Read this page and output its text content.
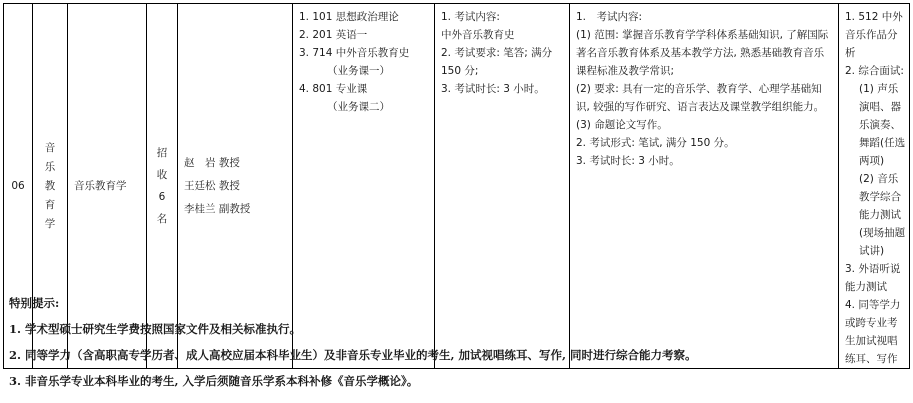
06	音乐教育学	音乐教育学	招收6名	
赵　岩 教授
王廷松 教授
李桂兰 副教授

1. 101 思想政治理论
2. 201 英语一
3. 714 中外音乐教育史
（业务课一）
4. 801 专业课
（业务课二）

1. 考试内容:
中外音乐教育史
2. 考试要求: 笔答; 满分 150 分;
3. 考试时长: 3 小时。

1.　考试内容:
(1) 范围: 掌握音乐教育学学科体系基础知识, 了解国际著名音乐教育体系及基本教学方法, 熟悉基础教育音乐课程标准及教学常识;
(2) 要求: 具有一定的音乐学、教育学、心理学基础知识, 较强的写作研究、语言表达及课堂教学组织能力。
(3) 命题论文写作。
2. 考试形式: 笔试, 满分 150 分。
3. 考试时长: 3 小时。

1. 512 中外音乐作品分析
2. 综合面试:
(1) 声乐演唱、器乐演奏、舞蹈(任选两项)
(2) 音乐教学综合能力测试 (现场抽题试讲)
3. 外语听说能力测试
4. 同等学力或跨专业考生加试视唱练耳、写作
特别提示:
1. 学术型硕士研究生学费按照国家文件及相关标准执行。
2. 同等学力（含高职高专学历者、成人高校应届本科毕业生）及非音乐专业毕业的考生, 加试视唱练耳、写作, 同时进行综合能力考察。
3. 非音乐学专业本科毕业的考生, 入学后须随音乐学系本科补修《音乐学概论》。
